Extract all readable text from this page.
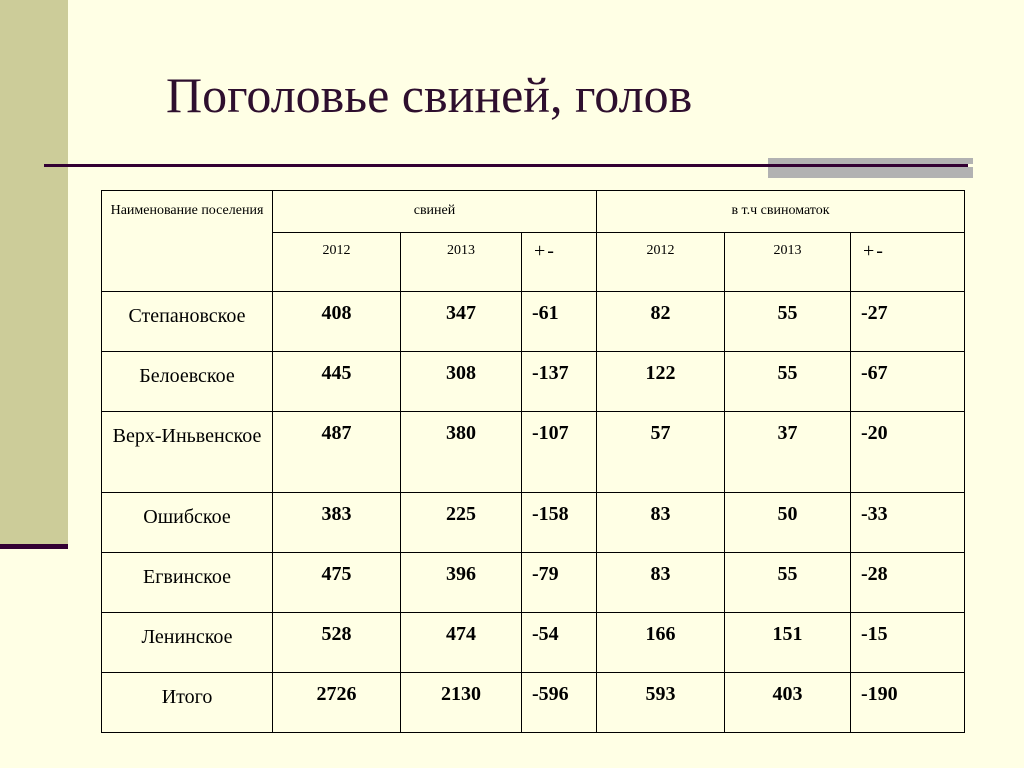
Поголовье свиней, голов
Наименование поселения	свиней			в т.ч свиноматок		
	2012	2013	+-	2012	2013	+-
Степановское	408	347	-61	82	55	-27
Белоевское	445	308	-137	122	55	-67
Верх-Иньвенское	487	380	-107	57	37	-20
Ошибское	383	225	-158	83	50	-33
Егвинское	475	396	-79	83	55	-28
Ленинское	528	474	-54	166	151	-15
Итого	2726	2130	-596	593	403	-190
